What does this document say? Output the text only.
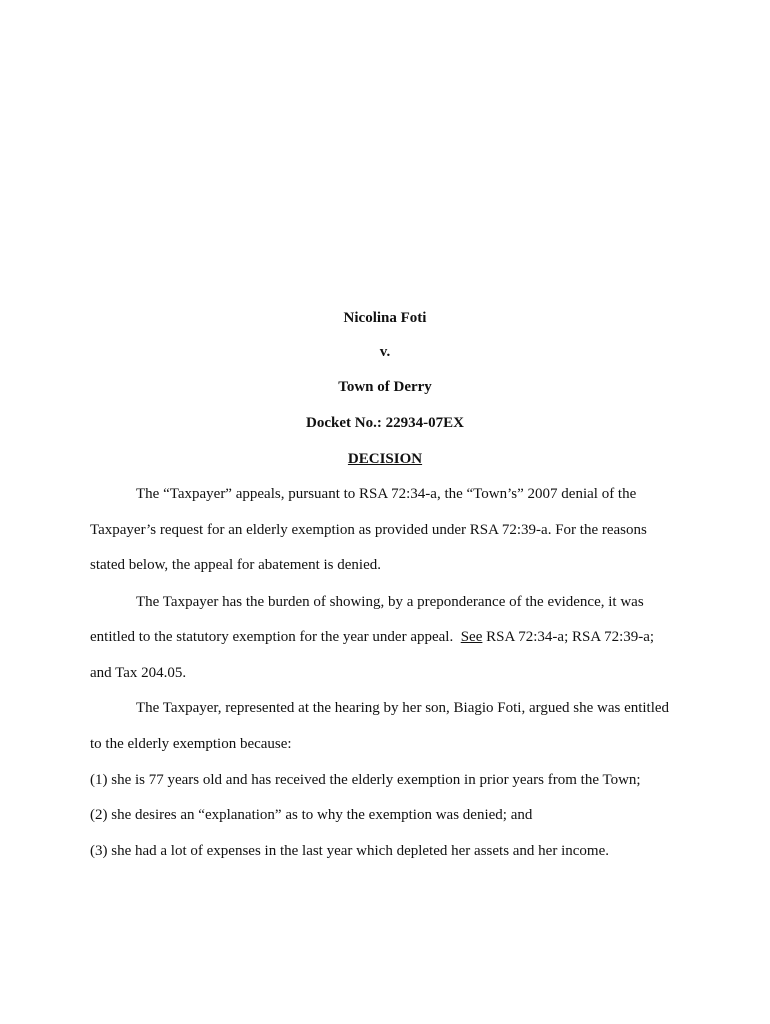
Nicolina Foti
v.
Town of Derry
Docket No.: 22934-07EX
DECISION
The “Taxpayer” appeals, pursuant to RSA 72:34-a, the “Town’s” 2007 denial of the
Taxpayer’s request for an elderly exemption as provided under RSA 72:39-a. For the reasons
stated below, the appeal for abatement is denied.
The Taxpayer has the burden of showing, by a preponderance of the evidence, it was
entitled to the statutory exemption for the year under appeal.  See RSA 72:34-a; RSA 72:39-a;
and Tax 204.05.
The Taxpayer, represented at the hearing by her son, Biagio Foti, argued she was entitled
to the elderly exemption because:
(1) she is 77 years old and has received the elderly exemption in prior years from the Town;
(2) she desires an “explanation” as to why the exemption was denied; and
(3) she had a lot of expenses in the last year which depleted her assets and her income.
